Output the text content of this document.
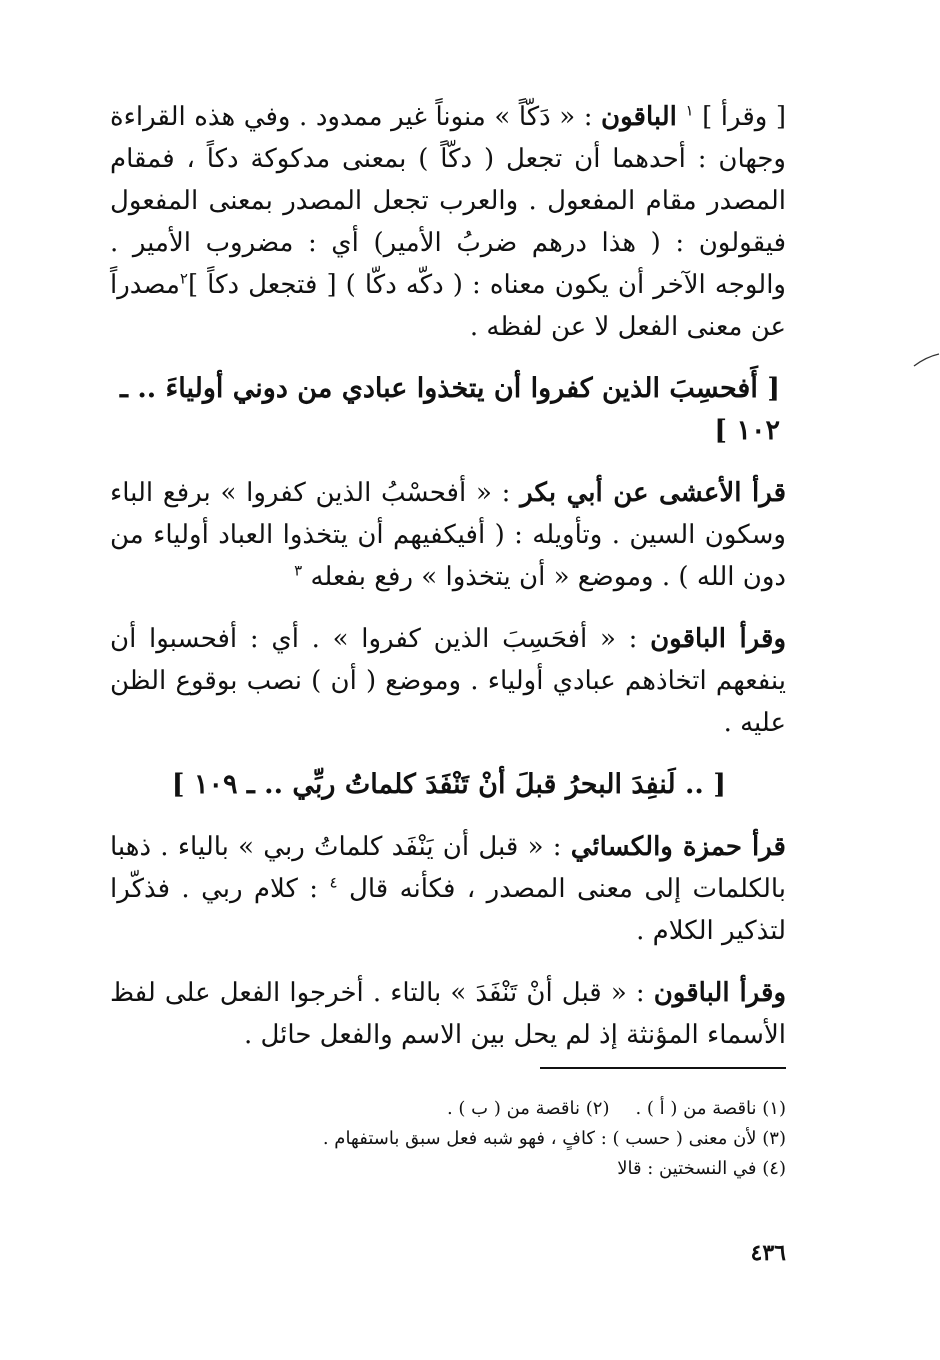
[ وقرأ ] $^١$ الباقون : « دَكّاً » منوناً غير ممدود . وفي هذه القراءة وجهان : أحدهما أن تجعل ( دكّاً ) بمعنى مدكوكة دكاً ، فمقام المصدر مقام المفعول . والعرب تجعل المصدر بمعنى المفعول فيقولون : ( هذا درهم ضربُ الأمير) أي : مضروب الأمير . والوجه الآخر أن يكون معناه : ( دكّه دكّا ) [ فتجعل دكاً ]$^٢$مصدراً عن معنى الفعل لا عن لفظه .

[ أَفحسِبَ الذين كفروا أن يتخذوا عبادي من دوني أولياءَ .. ـ ١٠٢ ]

قرأ الأعشى عن أبي بكر : « أفحسْبُ الذين كفروا » برفع الباء وسكون السين . وتأويله : ( أفيكفيهم أن يتخذوا العباد أولياء من دون الله ) . وموضع « أن يتخذوا » رفع بفعله $^٣$

وقرأ الباقون : « أفحَسِبَ الذين كفروا » . أي : أفحسبوا أن ينفعهم اتخاذهم عبادي أولياء . وموضع ( أن ) نصب بوقوع الظن عليه .

[ .. لَنفِدَ البحرُ قبلَ أنْ تَنْفَدَ كلماتُ ربِّي .. ـ ١٠٩ ]

قرأ حمزة والكسائي : « قبل أن يَنْفَد كلماتُ ربي » بالياء . ذهبا بالكلمات إلى معنى المصدر ، فكأنه قال $^٤$ : كلام ربي . فذكّرا لتذكير الكلام .

وقرأ الباقون : « قبل أنْ تَنْفَدَ » بالتاء . أخرجوا الفعل على لفظ الأسماء المؤنثة إذ لم يحل بين الاسم والفعل حائل .

(١) ناقصة من ( أ ) .(٢) ناقصة من ( ب ) .
(٣) لأن معنى ( حسب ) : كافٍ ، فهو شبه فعل سبق باستفهام .
(٤) في النسختين : قالا
٤٣٦
